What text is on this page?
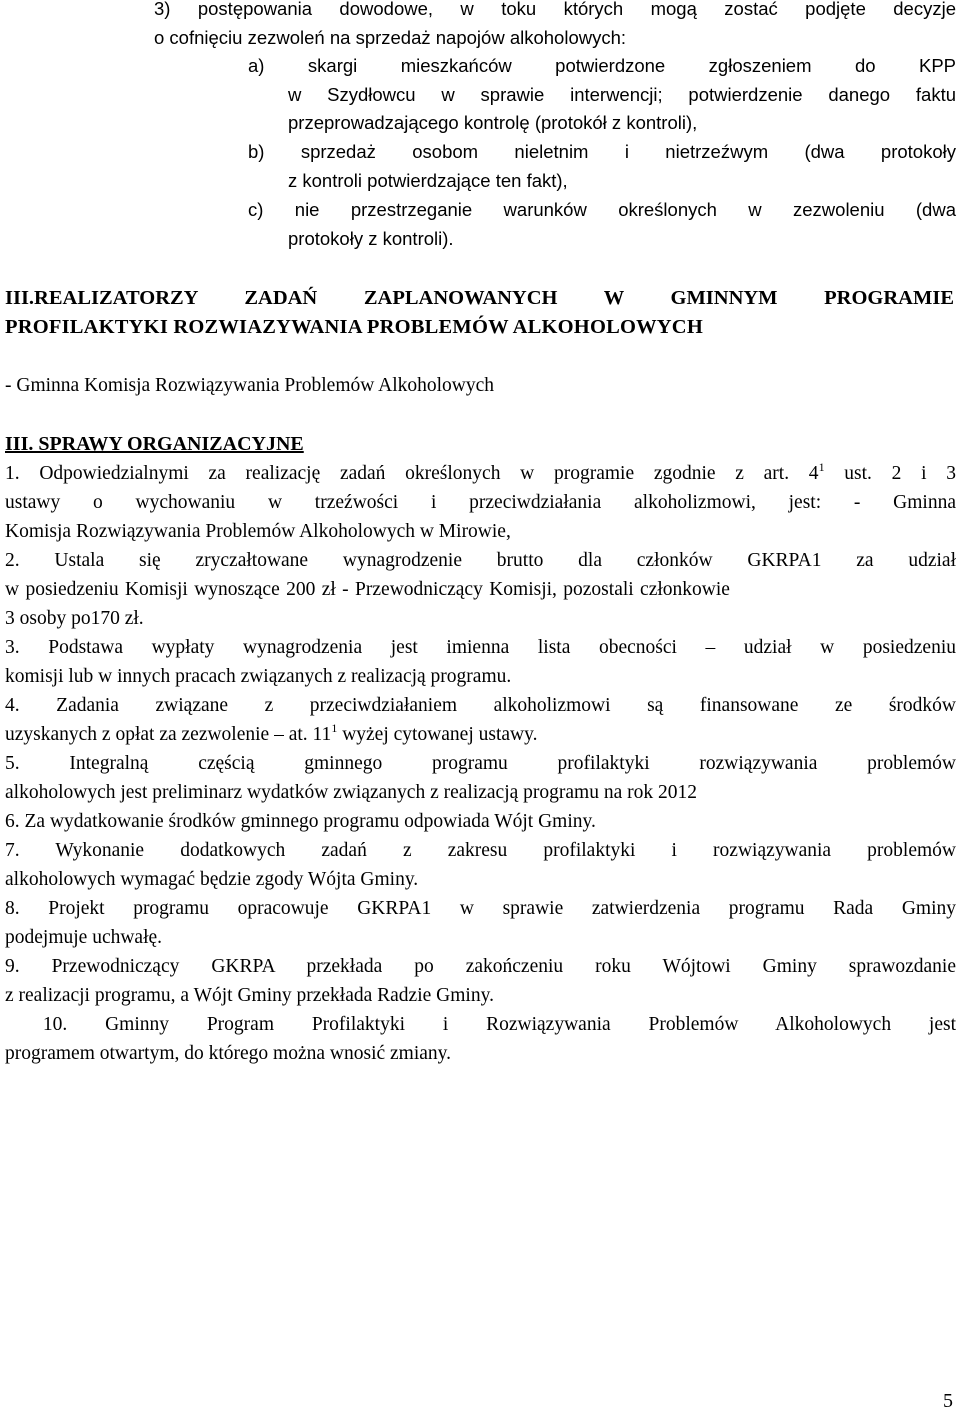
3) postępowania dowodowe, w toku których mogą zostać podjęte decyzje
o cofnięciu zezwoleń na sprzedaż napojów alkoholowych:
a) skargi mieszkańców potwierdzone zgłoszeniem do KPP
w Szydłowcu w sprawie interwencji; potwierdzenie danego faktu
przeprowadzającego kontrolę (protokół z kontroli),
b) sprzedaż osobom nieletnim i nietrzeźwym (dwa protokoły
z kontroli potwierdzające ten fakt),
c) nie przestrzeganie warunków określonych w zezwoleniu (dwa
protokoły z kontroli).
III.REALIZATORZY ZADAŃ ZAPLANOWANYCH W GMINNYM PROGRAMIE
PROFILAKTYKI ROZWIAZYWANIA PROBLEMÓW ALKOHOLOWYCH
- Gminna Komisja Rozwiązywania Problemów Alkoholowych
III. SPRAWY ORGANIZACYJNE
1. Odpowiedzialnymi za realizację zadań określonych w programie zgodnie z art. $4^1$ ust. 2 i 3
ustawy o wychowaniu w trzeźwości i przeciwdziałania alkoholizmowi, jest: - Gminna
Komisja Rozwiązywania Problemów Alkoholowych w Mirowie,
2. Ustala się zryczałtowane wynagrodzenie brutto dla członków GKRPA1 za udział
w posiedzeniu Komisji wynoszące 200 zł - Przewodniczący Komisji, pozostali członkowie
3 osoby po170 zł.
3. Podstawa wypłaty wynagrodzenia jest imienna lista obecności – udział w posiedzeniu
komisji lub w innych pracach związanych z realizacją programu.
4. Zadania związane z przeciwdziałaniem alkoholizmowi są finansowane ze środków
uzyskanych z opłat za zezwolenie – at. $11^1$ wyżej cytowanej ustawy.
5. Integralną częścią gminnego programu profilaktyki rozwiązywania problemów
alkoholowych jest preliminarz wydatków związanych z realizacją programu na rok 2012
6. Za wydatkowanie środków gminnego programu odpowiada Wójt Gminy.
7. Wykonanie dodatkowych zadań z zakresu profilaktyki i rozwiązywania problemów
alkoholowych wymagać będzie zgody Wójta Gminy.
8. Projekt programu opracowuje GKRPA1 w sprawie zatwierdzenia programu Rada Gminy
podejmuje uchwałę.
9. Przewodniczący GKRPA przekłada po zakończeniu roku Wójtowi Gminy sprawozdanie
z realizacji programu, a Wójt Gminy przekłada Radzie Gminy.
10. Gminny Program Profilaktyki i Rozwiązywania Problemów Alkoholowych jest
programem otwartym, do którego można wnosić zmiany.
5
